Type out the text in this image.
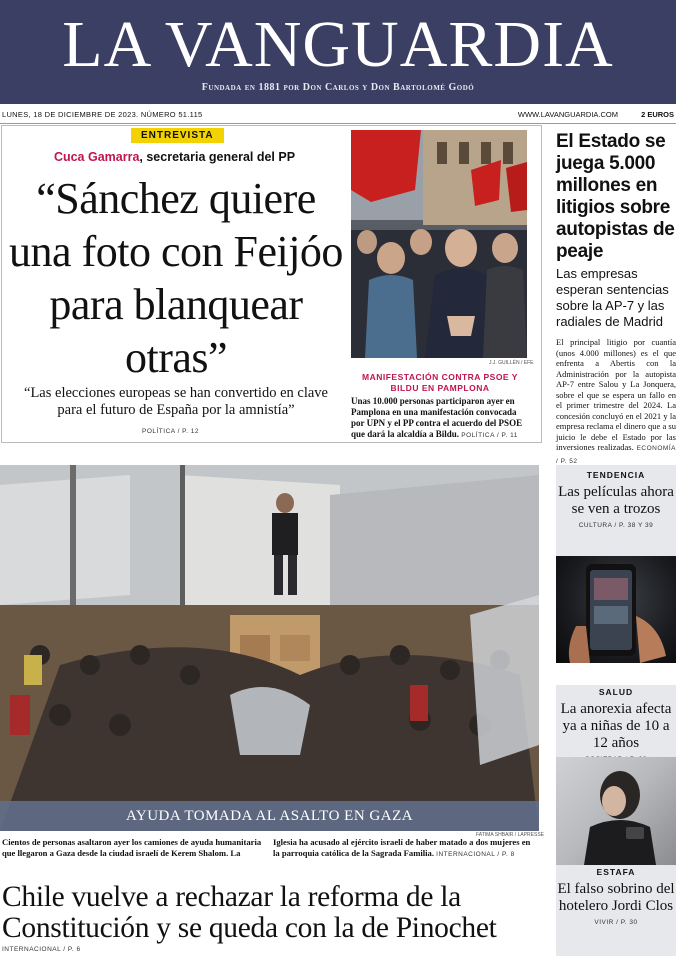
LA VANGUARDIA
Fundada en 1881 por Don Carlos y Don Bartolomé Godó
LUNES, 18 DE DICIEMBRE DE 2023. NÚMERO 51.115	WWW.LAVANGUARDIA.COM	2 EUROS
ENTREVISTA
Cuca Gamarra, secretaria general del PP
“Sánchez quiere una foto con Feijóo para blanquear otras”
“Las elecciones europeas se han convertido en clave para el futuro de España por la amnistía”
POLÍTICA / P. 12
J.J. GUILLÉN / EFE
MANIFESTACIÓN CONTRA PSOE Y BILDU EN PAMPLONA
Unas 10.000 personas participaron ayer en Pamplona en una manifestación convocada por UPN y el PP contra el acuerdo del PSOE que dará la alcaldía a Bildu. POLÍTICA / P. 11
El Estado se juega 5.000 millones en litigios sobre autopistas de peaje
Las empresas esperan sentencias sobre la AP-7 y las radiales de Madrid
El principal litigio por cuantía (unos 4.000 millones) es el que enfrenta a Abertis con la Administración por la autopista AP-7 entre Salou y La Jonquera, sobre el que se espera un fallo en el primer trimestre del 2024. La concesión concluyó en el 2021 y la empresa reclama el dinero que a su juicio le debe el Estado por las inversiones realizadas. ECONOMÍA / P. 52
TENDENCIA
Las películas ahora se ven a trozos
CULTURA / P. 38 Y 39
SALUD
La anorexia afecta ya a niñas de 10 a 12 años
ESTAFA
El falso sobrino del hotelero Jordi Clos
VIVIR / P. 30
AYUDA TOMADA AL ASALTO EN GAZA
FATIMA SHBAIR / LAPRESSE
Cientos de personas asaltaron ayer los camiones de ayuda humanitaria que llegaron a Gaza desde la ciudad israelí de Kerem Shalom. La
Iglesia ha acusado al ejército israelí de haber matado a dos mujeres en la parroquia católica de la Sagrada Familia. INTERNACIONAL / P. 8
Chile vuelve a rechazar la reforma de la Constitución y se queda con la de Pinochet
INTERNACIONAL / P. 6
